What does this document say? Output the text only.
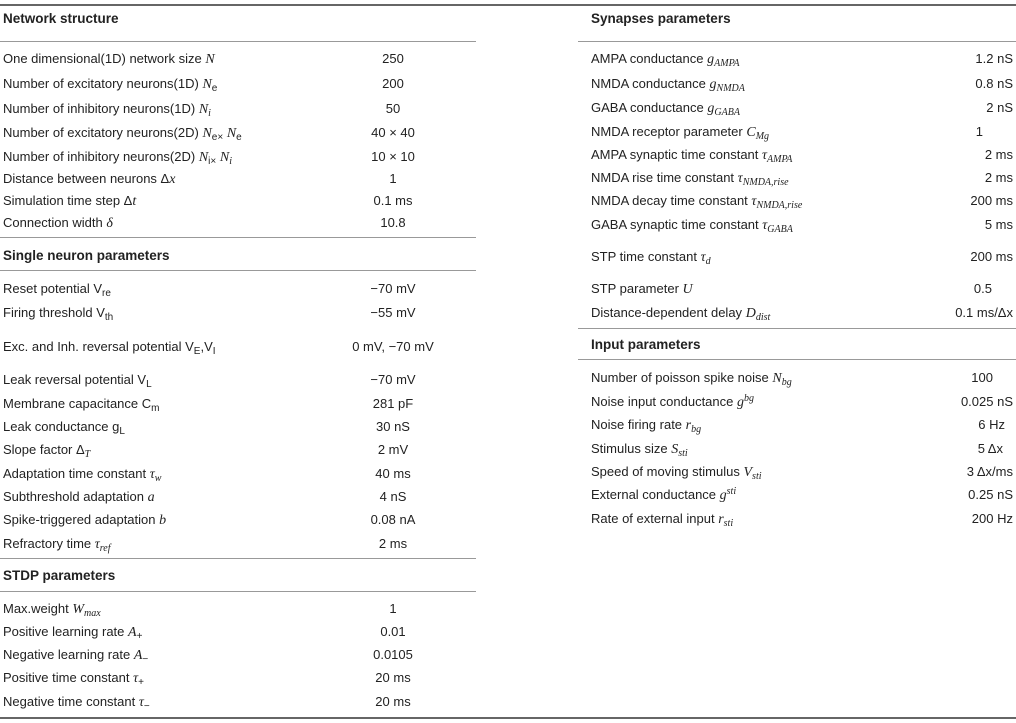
Network structure
One dimensional(1D) network size N	250
Number of excitatory neurons(1D) $N_e$	200
Number of inhibitory neurons(1D) $N_i$	50
Number of excitatory neurons(2D) $N_{e\times}$ $N_e$	40 × 40
Number of inhibitory neurons(2D) $N_{i\times}$ $N_i$	10 × 10
Distance between neurons Δx	1
Simulation time step Δt	0.1 ms
Connection width δ	10.8
Single neuron parameters
Reset potential $V_{re}$	−70 mV
Firing threshold $V_{th}$	−55 mV
Exc. and Inh. reversal potential $V_E,V_I$	0 mV, −70 mV
Leak reversal potential $V_L$	−70 mV
Membrane capacitance $C_m$	281 pF
Leak conductance $g_L$	30 nS
Slope factor $\Delta_T$	2 mV
Adaptation time constant $\tau_w$	40 ms
Subthreshold adaptation a	4 nS
Spike-triggered adaptation b	0.08 nA
Refractory time $\tau_{ref}$	2 ms
STDP parameters
Max.weight $W_{max}$	1
Positive learning rate $A_+$	0.01
Negative learning rate $A_-$	0.0105
Positive time constant $\tau_+$	20 ms
Negative time constant $\tau_-$	20 ms
Synapses parameters
AMPA conductance $g_{AMPA}$	1.2 nS
NMDA conductance $g_{NMDA}$	0.8 nS
GABA conductance $g_{GABA}$	2 nS
NMDA receptor parameter $C_{Mg}$	1
AMPA synaptic time constant $\tau_{AMPA}$	2 ms
NMDA rise time constant $\tau_{NMDA,rise}$	2 ms
NMDA decay time constant $\tau_{NMDA,rise}$	200 ms
GABA synaptic time constant $\tau_{GABA}$	5 ms
STP time constant $\tau_d$	200 ms
STP parameter U	0.5
Distance-dependent delay $D_{dist}$	0.1 ms/Δx
Input parameters
Number of poisson spike noise $N_{bg}$	100
Noise input conductance $g^{bg}$	0.025 nS
Noise firing rate $r_{bg}$	6 Hz
Stimulus size $S_{sti}$	5 Δx
Speed of moving stimulus $V_{sti}$	3 Δx/ms
External conductance $g^{sti}$	0.25 nS
Rate of external input $r_{sti}$	200 Hz
